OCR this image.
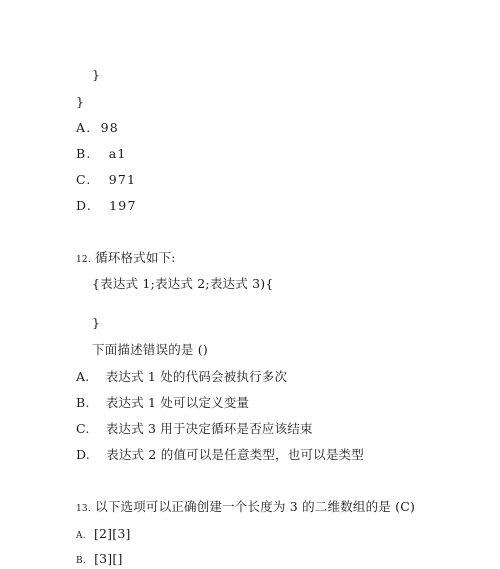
}
}
A. 98
B. a1
C. 971
D. 197
12. 循环格式如下:
{表达式 1;表达式 2;表达式 3){
}
下面描述错误的是 ()
A. 表达式 1 处的代码会被执行多次
B. 表达式 1 处可以定义变量
C. 表达式 3 用于决定循环是否应该结束
D. 表达式 2 的值可以是任意类型，也可以是类型
13. 以下选项可以正确创建一个长度为 3 的二维数组的是 (C)
A. [2][3]
B. [3][]
